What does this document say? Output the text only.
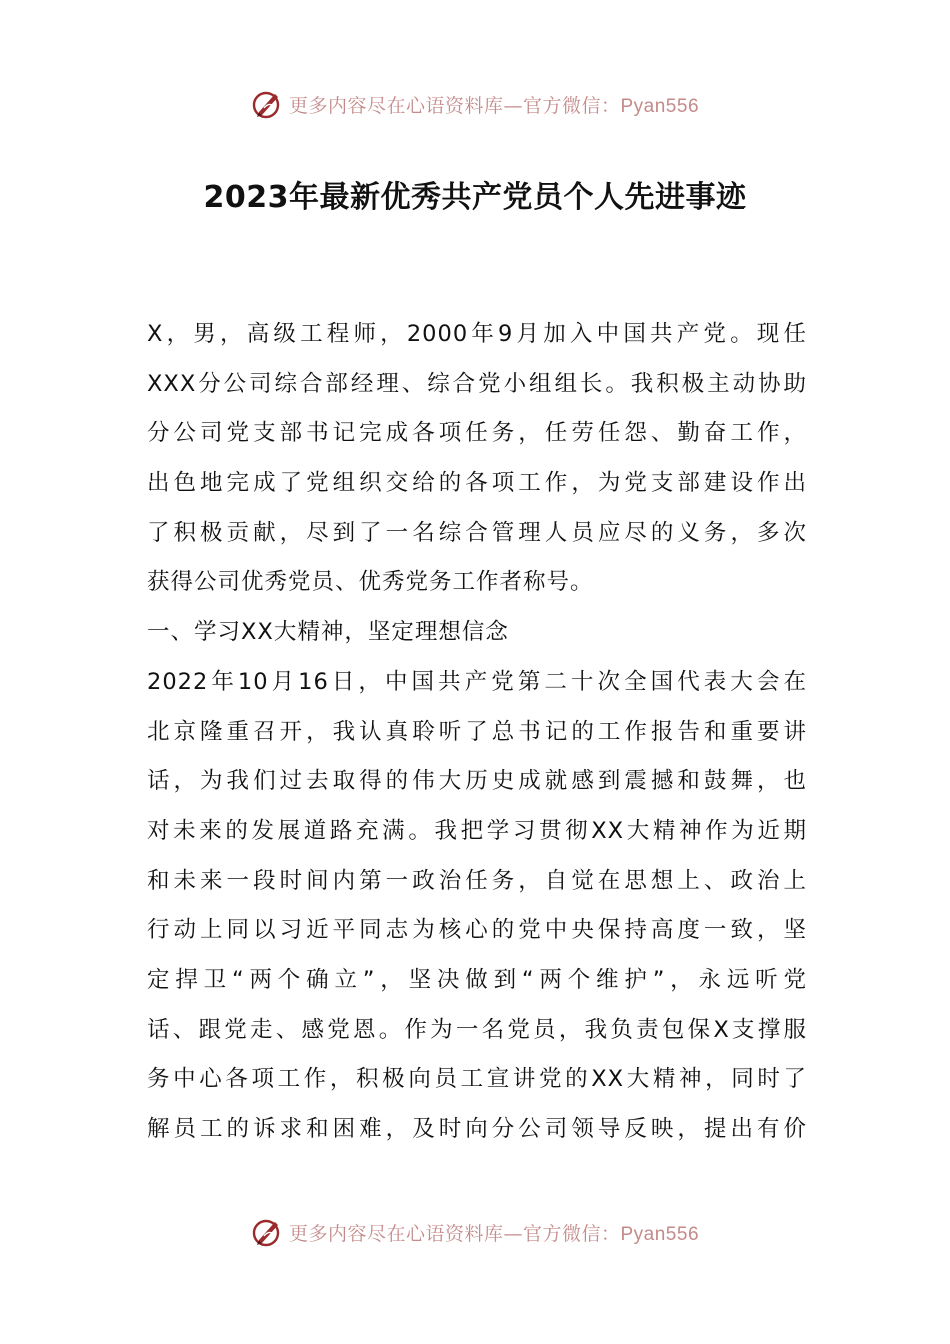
更多内容尽在心语资料库—官方微信：Pyan556
2023年最新优秀共产党员个人先进事迹
X，男，高级工程师，2000年9月加入中国共产党。现任
XXX分公司综合部经理、综合党小组组长。我积极主动协助
分公司党支部书记完成各项任务，任劳任怨、勤奋工作，
出色地完成了党组织交给的各项工作，为党支部建设作出
了积极贡献，尽到了一名综合管理人员应尽的义务，多次
获得公司优秀党员、优秀党务工作者称号。
一、学习XX大精神，坚定理想信念
2022年10月16日，中国共产党第二十次全国代表大会在
北京隆重召开，我认真聆听了总书记的工作报告和重要讲
话，为我们过去取得的伟大历史成就感到震撼和鼓舞，也
对未来的发展道路充满。我把学习贯彻XX大精神作为近期
和未来一段时间内第一政治任务，自觉在思想上、政治上
行动上同以习近平同志为核心的党中央保持高度一致，坚
定捍卫“两个确立”，坚决做到“两个维护”，永远听党
话、跟党走、感党恩。作为一名党员，我负责包保X支撑服
务中心各项工作，积极向员工宣讲党的XX大精神，同时了
解员工的诉求和困难，及时向分公司领导反映，提出有价
更多内容尽在心语资料库—官方微信：Pyan556
